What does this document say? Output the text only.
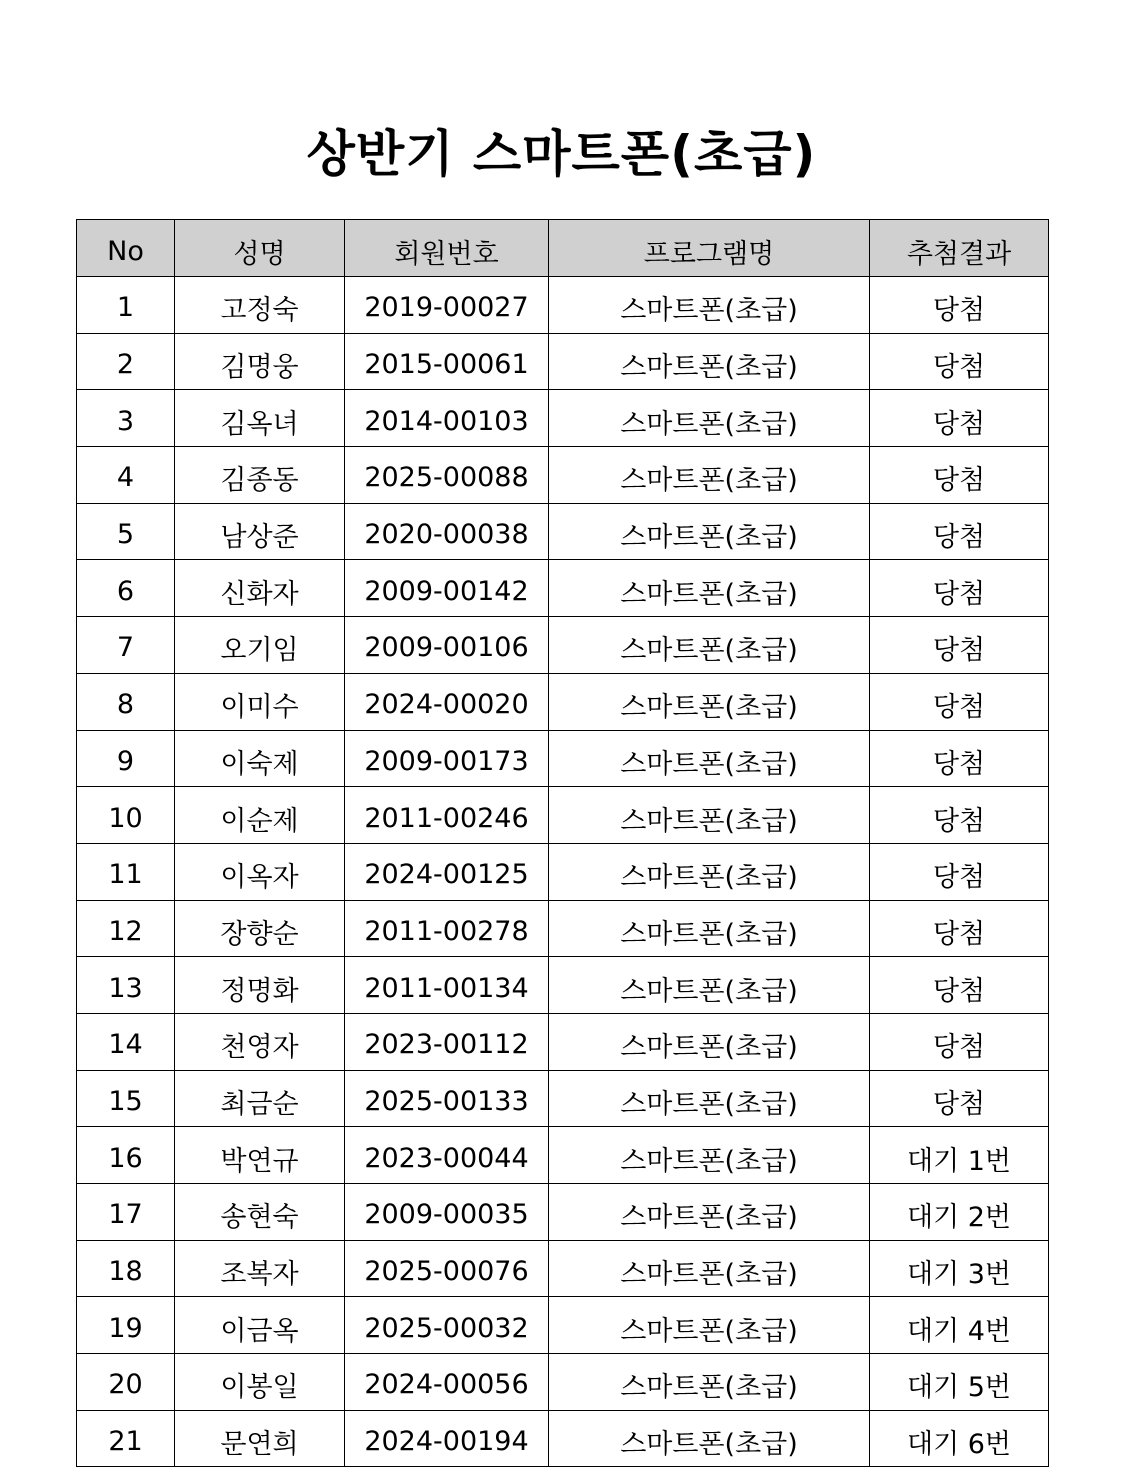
상반기 스마트폰(초급)
No	성명	회원번호	프로그램명	추첨결과
1	고정숙	2019-00027	스마트폰(초급)	당첨
2	김명웅	2015-00061	스마트폰(초급)	당첨
3	김옥녀	2014-00103	스마트폰(초급)	당첨
4	김종동	2025-00088	스마트폰(초급)	당첨
5	남상준	2020-00038	스마트폰(초급)	당첨
6	신화자	2009-00142	스마트폰(초급)	당첨
7	오기임	2009-00106	스마트폰(초급)	당첨
8	이미수	2024-00020	스마트폰(초급)	당첨
9	이숙제	2009-00173	스마트폰(초급)	당첨
10	이순제	2011-00246	스마트폰(초급)	당첨
11	이옥자	2024-00125	스마트폰(초급)	당첨
12	장향순	2011-00278	스마트폰(초급)	당첨
13	정명화	2011-00134	스마트폰(초급)	당첨
14	천영자	2023-00112	스마트폰(초급)	당첨
15	최금순	2025-00133	스마트폰(초급)	당첨
16	박연규	2023-00044	스마트폰(초급)	대기 1번
17	송현숙	2009-00035	스마트폰(초급)	대기 2번
18	조복자	2025-00076	스마트폰(초급)	대기 3번
19	이금옥	2025-00032	스마트폰(초급)	대기 4번
20	이봉일	2024-00056	스마트폰(초급)	대기 5번
21	문연희	2024-00194	스마트폰(초급)	대기 6번
